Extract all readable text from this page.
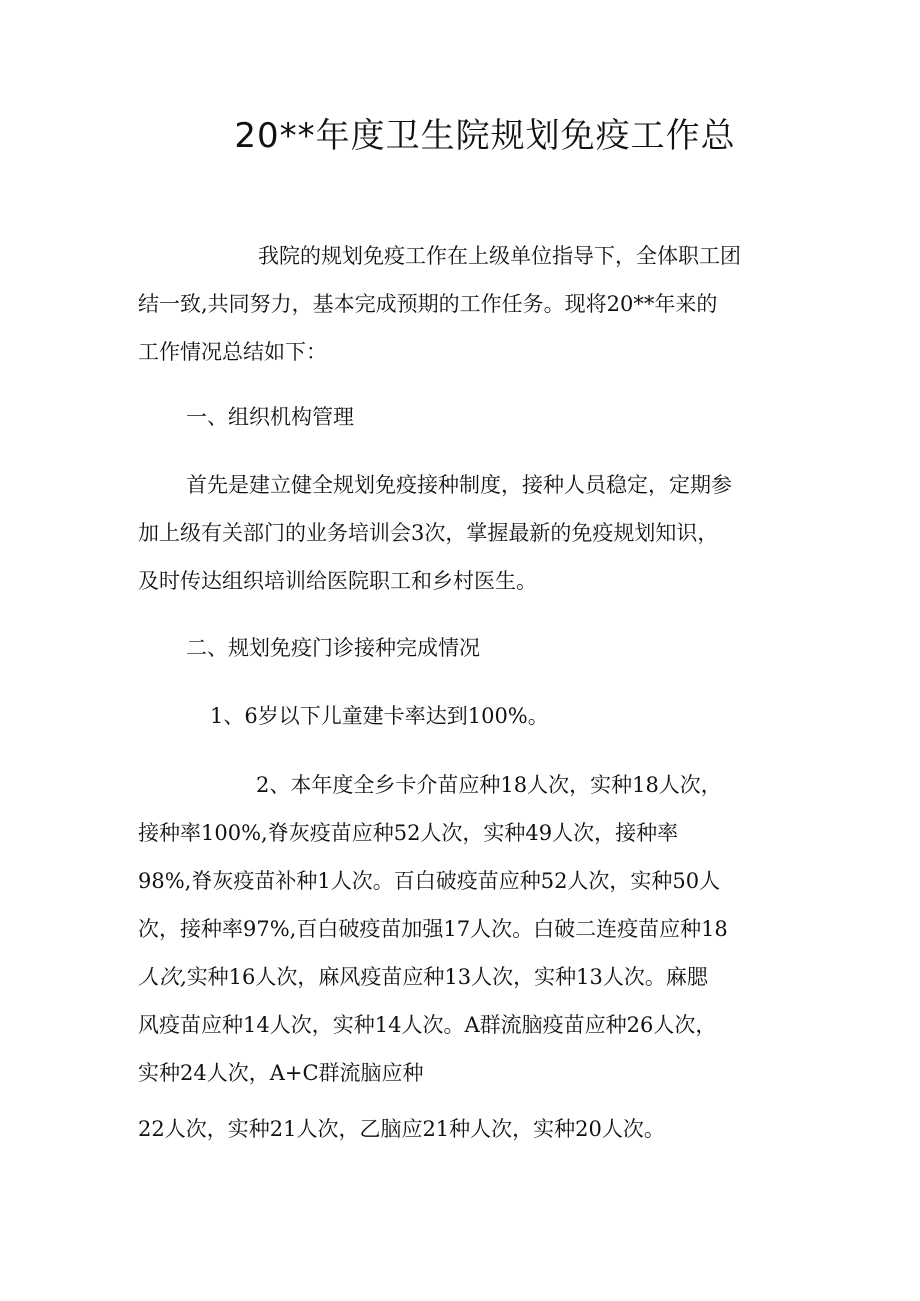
20**年度卫生院规划免疫工作总
我院的规划免疫工作在上级单位指导下，全体职工团
结一致,共同努力，基本完成预期的工作任务。现将20**年来的
工作情况总结如下：
一、组织机构管理
首先是建立健全规划免疫接种制度，接种人员稳定，定期参
加上级有关部门的业务培训会3次，掌握最新的免疫规划知识，
及时传达组织培训给医院职工和乡村医生。
二、规划免疫门诊接种完成情况
1、6岁以下儿童建卡率达到100%。
2、本年度全乡卡介苗应种18人次，实种18人次，
接种率100%,脊灰疫苗应种52人次，实种49人次，接种率
98%,脊灰疫苗补种1人次。百白破疫苗应种52人次，实种50人
次，接种率97%,百白破疫苗加强17人次。白破二连疫苗应种18
人次,实种16人次，麻风疫苗应种13人次，实种13人次。麻腮
风疫苗应种14人次，实种14人次。A群流脑疫苗应种26人次，
实种24人次，A+C群流脑应种
22人次，实种21人次，乙脑应21种人次，实种20人次。
